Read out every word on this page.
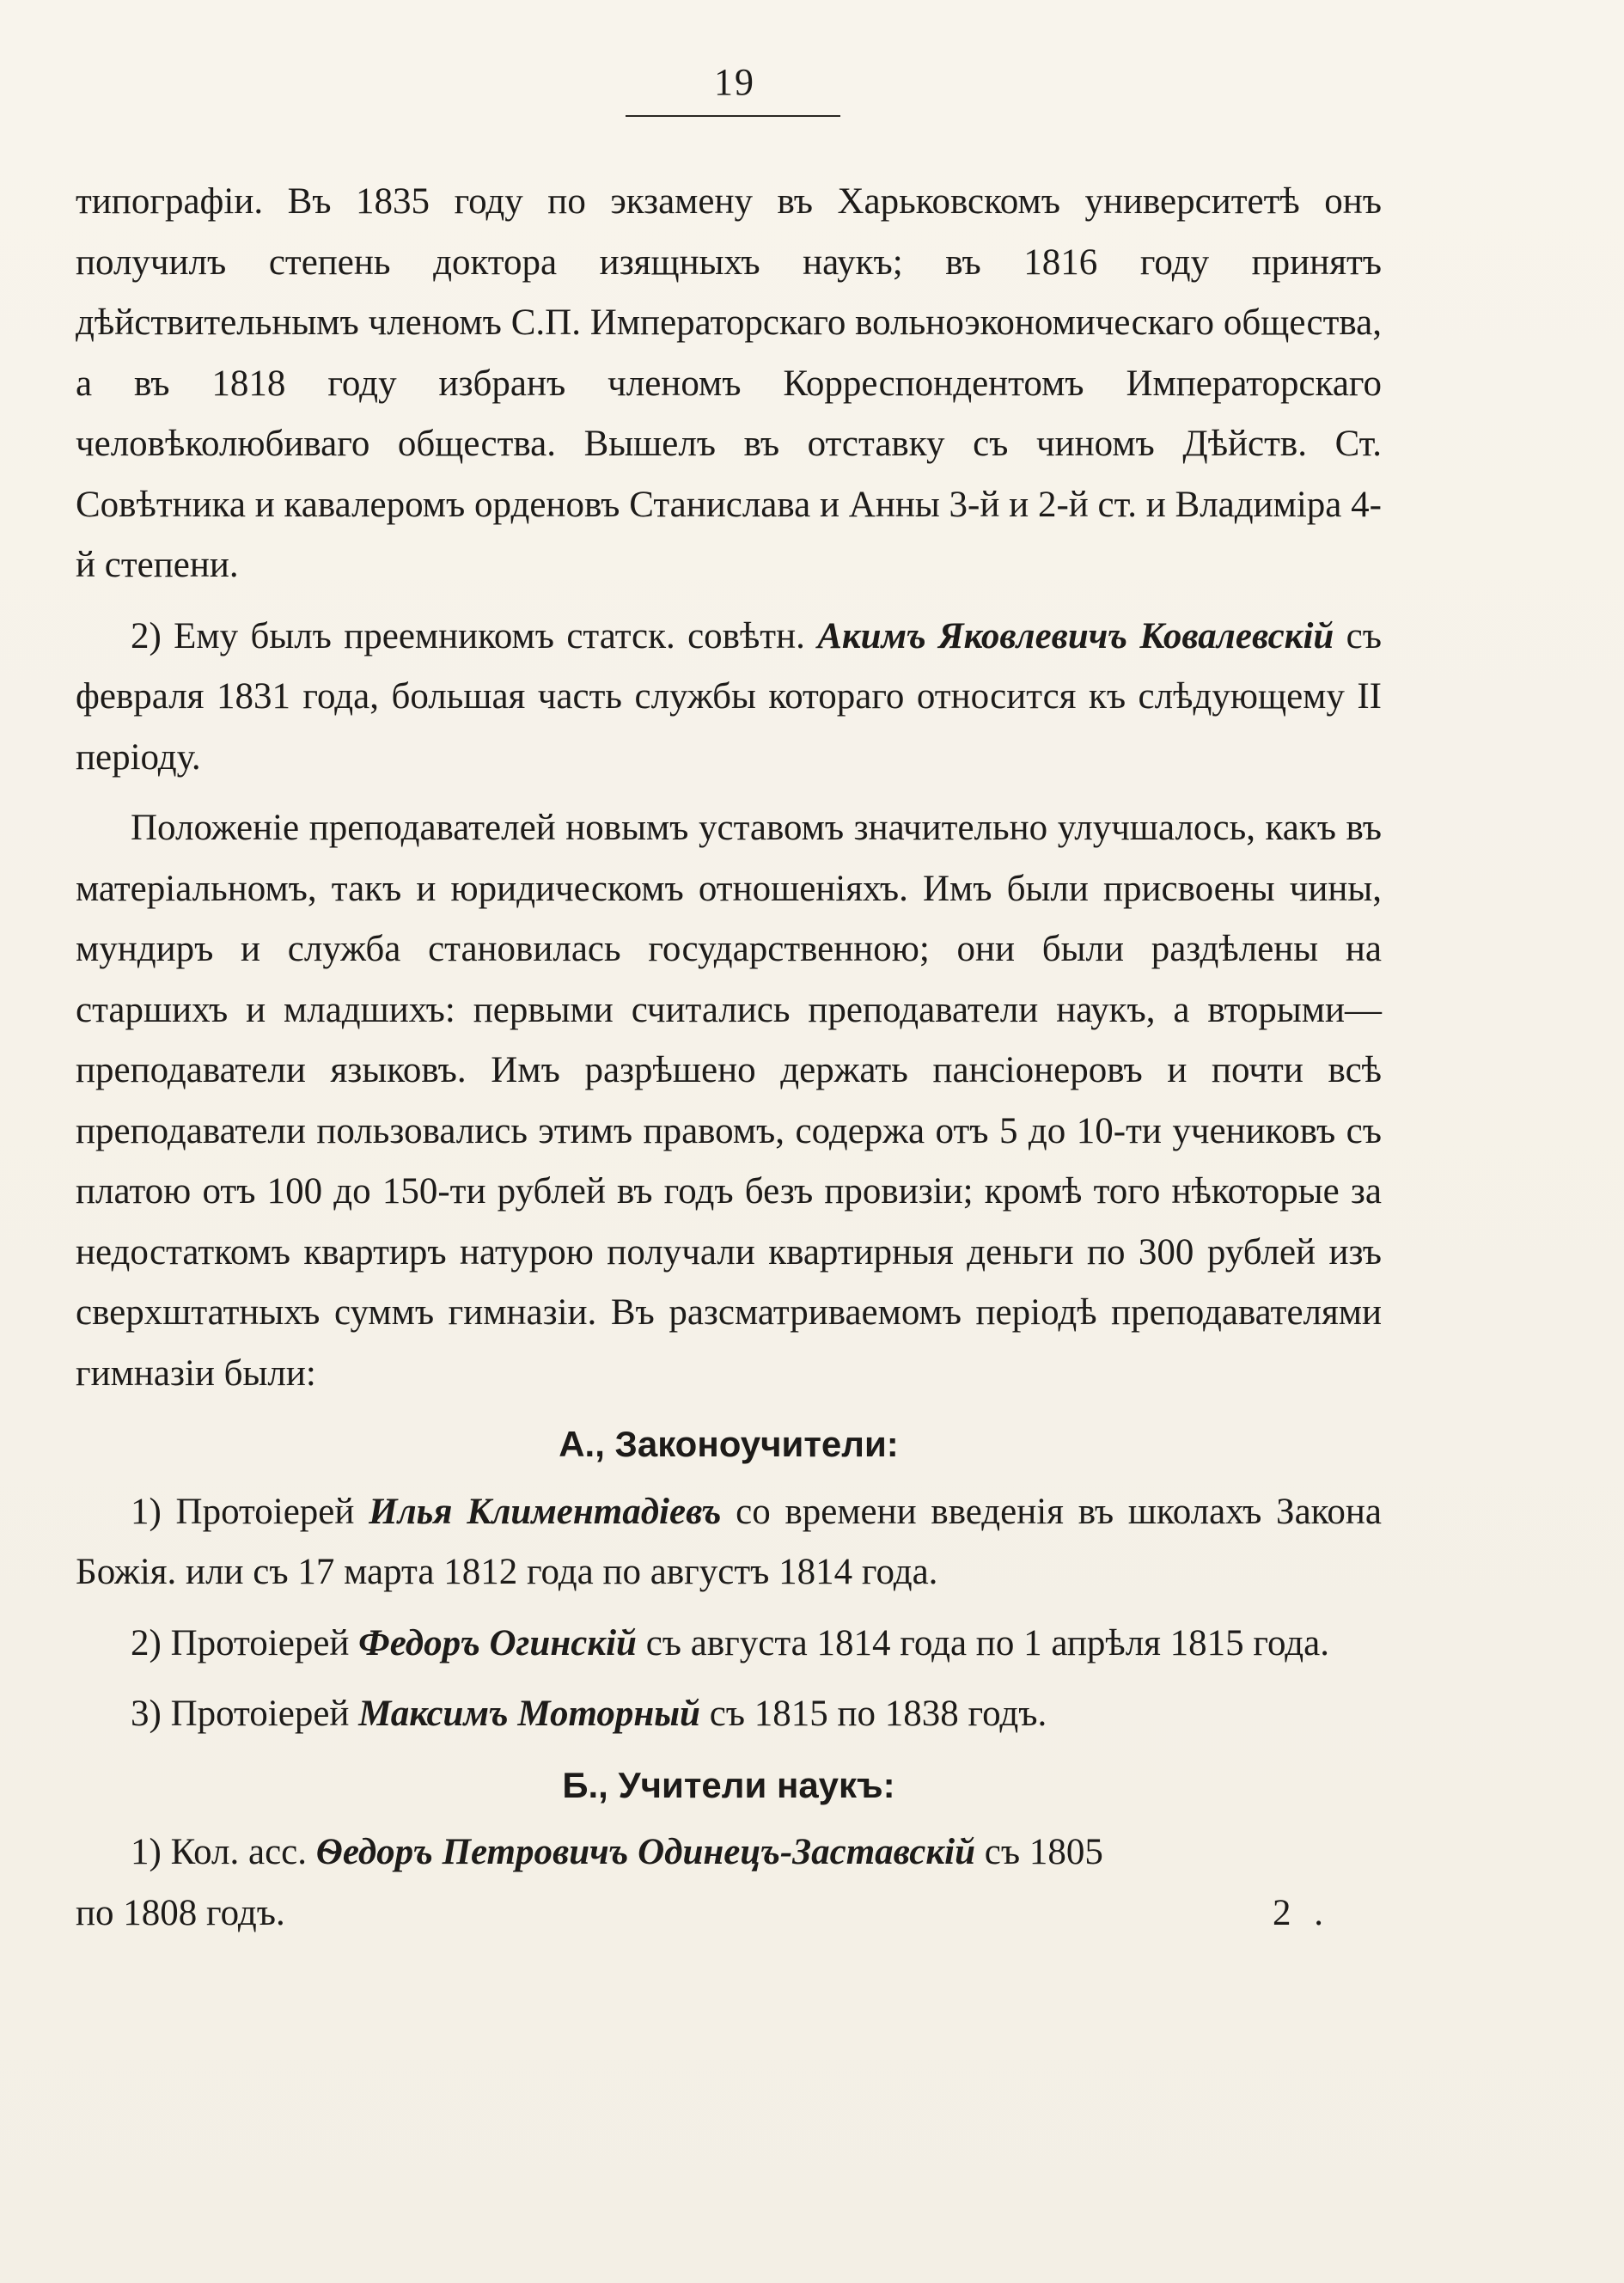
19

типографіи. Въ 1835 году по экзамену въ Харьковскомъ университетѣ онъ получилъ степень доктора изящныхъ наукъ; въ 1816 году принятъ дѣйствительнымъ членомъ С.П. Императорскаго вольноэкономическаго общества, а въ 1818 году избранъ членомъ Корреспондентомъ Императорскаго человѣколюбиваго общества. Вышелъ въ отставку съ чиномъ Дѣйств. Ст. Совѣтника и кавалеромъ орденовъ Станислава и Анны 3-й и 2-й ст. и Владиміра 4-й степени.

2) Ему былъ преемникомъ статск. совѣтн. Акимъ Яковлевичъ Ковалевскій съ февраля 1831 года, большая часть службы котораго относится къ слѣдующему II періоду.

Положеніе преподавателей новымъ уставомъ значительно улучшалось, какъ въ матеріальномъ, такъ и юридическомъ отношеніяхъ. Имъ были присвоены чины, мундиръ и служба становилась государственною; они были раздѣлены на старшихъ и младшихъ: первыми считались преподаватели наукъ, а вторыми—преподаватели языковъ. Имъ разрѣшено держать пансіонеровъ и почти всѣ преподаватели пользовались этимъ правомъ, содержа отъ 5 до 10-ти учениковъ съ платою отъ 100 до 150-ти рублей въ годъ безъ провизіи; кромѣ того нѣкоторые за недостаткомъ квартиръ натурою получали квартирныя деньги по 300 рублей изъ сверхштатныхъ суммъ гимназіи. Въ разсматриваемомъ періодѣ преподавателями гимназіи были:

А., Законоучители:

1) Протоіерей Илья Климентадіевъ со времени введенія въ школахъ Закона Божія. или съ 17 марта 1812 года по августъ 1814 года.

2) Протоіерей Федоръ Огинскій съ августа 1814 года по 1 апрѣля 1815 года.

3) Протоіерей Максимъ Моторный съ 1815 по 1838 годъ.

Б., Учители наукъ:

1) Кол. асс. Ѳедоръ Петровичъ Одинецъ-Заставскій съ 1805

по 1808 годъ.	2 .
